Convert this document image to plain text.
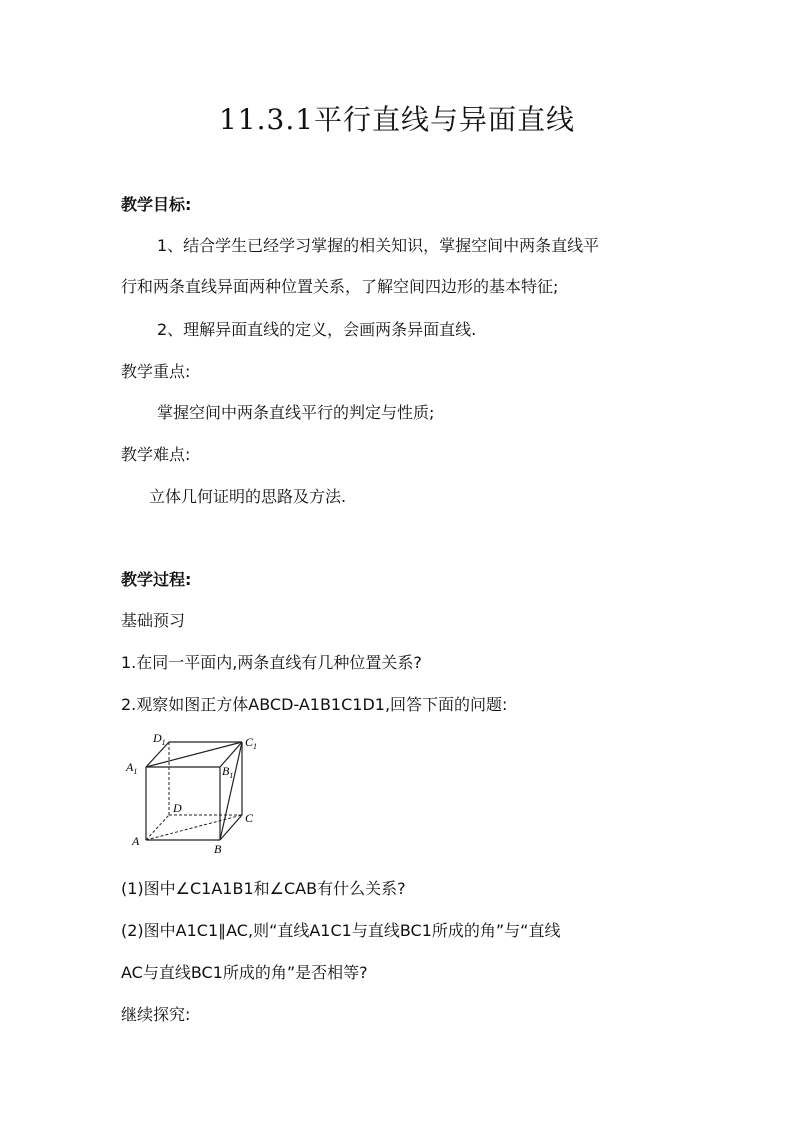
11.3.1平行直线与异面直线
教学目标:
1、结合学生已经学习掌握的相关知识，掌握空间中两条直线平
行和两条直线异面两种位置关系，了解空间四边形的基本特征;
2、理解异面直线的定义，会画两条异面直线.
教学重点:
掌握空间中两条直线平行的判定与性质;
教学难点:
立体几何证明的思路及方法.
教学过程:
基础预习
1.在同一平面内,两条直线有几种位置关系?
2.观察如图正方体ABCD-A1B1C1D1,回答下面的问题:
$D_1$	$C_1$
$A_1$	$B_1$
D
C
A
B
(1)图中∠C1A1B1和∠CAB有什么关系?
(2)图中A1C1∥AC,则“直线A1C1与直线BC1所成的角”与“直线
AC与直线BC1所成的角”是否相等?
继续探究:
